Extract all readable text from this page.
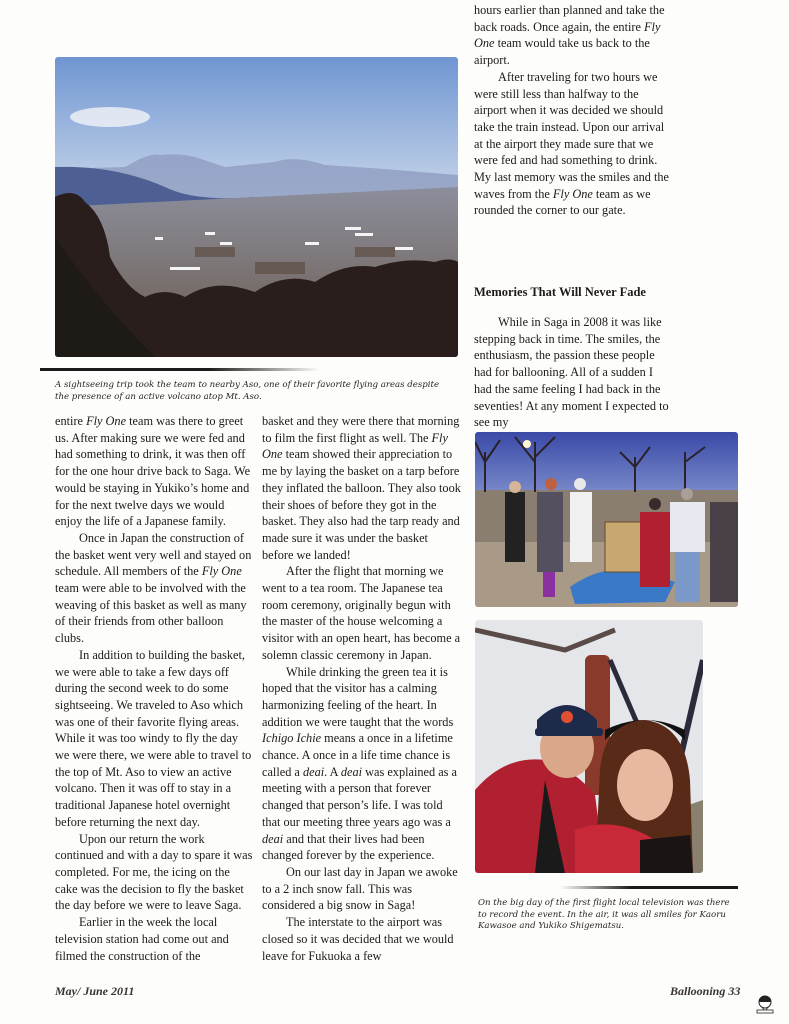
A sightseeing trip took the team to nearby Aso, one of their favorite flying areas despite the presence of an active volcano atop Mt. Aso.

entire Fly One team was there to greet us. After making sure we were fed and had something to drink, it was then off for the one hour drive back to Saga. We would be staying in Yukiko’s home and for the next twelve days we would enjoy the life of a Japanese family.

Once in Japan the construction of the basket went very well and stayed on schedule. All members of the Fly One team were able to be involved with the weaving of this basket as well as many of their friends from other balloon clubs.

In addition to building the basket, we were able to take a few days off during the second week to do some sightseeing. We traveled to Aso which was one of their favorite flying areas. While it was too windy to fly the day we were there, we were able to travel to the top of Mt. Aso to view an active volcano. Then it was off to stay in a traditional Japanese hotel overnight before returning the next day.

Upon our return the work continued and with a day to spare it was completed. For me, the icing on the cake was the decision to fly the basket the day before we were to leave Saga.

Earlier in the week the local television station had come out and filmed the construction of the

basket and they were there that morning to film the first flight as well. The Fly One team showed their appreciation to me by laying the basket on a tarp before they inflated the balloon. They also took their shoes of before they got in the basket. They also had the tarp ready and made sure it was under the basket before we landed!

After the flight that morning we went to a tea room. The Japanese tea room ceremony, originally begun with the master of the house welcoming a visitor with an open heart, has become a solemn classic ceremony in Japan.

While drinking the green tea it is hoped that the visitor has a calming harmonizing feeling of the heart. In addition we were taught that the words Ichigo Ichie means a once in a lifetime chance. A once in a life time chance is called a deai. A deai was explained as a meeting with a person that forever changed that person’s life. I was told that our meeting three years ago was a deai and that their lives had been changed forever by the experience.

On our last day in Japan we awoke to a 2 inch snow fall. This was considered a big snow in Saga!

The interstate to the airport was closed so it was decided that we would leave for Fukuoka a few

hours earlier than planned and take the back roads. Once again, the entire Fly One team would take us back to the airport.

After traveling for two hours we were still less than halfway to the airport when it was decided we should take the train instead. Upon our arrival at the airport they made sure that we were fed and had something to drink. My last memory was the smiles and the waves from the Fly One team as we rounded the corner to our gate.

Memories That Will Never Fade

While in Saga in 2008 it was like stepping back in time. The smiles, the enthusiasm, the passion these people had for ballooning. All of a sudden I had the same feeling I had back in the seventies! At any moment I expected to see my

On the big day of the first flight local television was there to record the event. In the air, it was all smiles for Kaoru Kawasoe and Yukiko Shigematsu.
May/ June 2011	Ballooning 33
